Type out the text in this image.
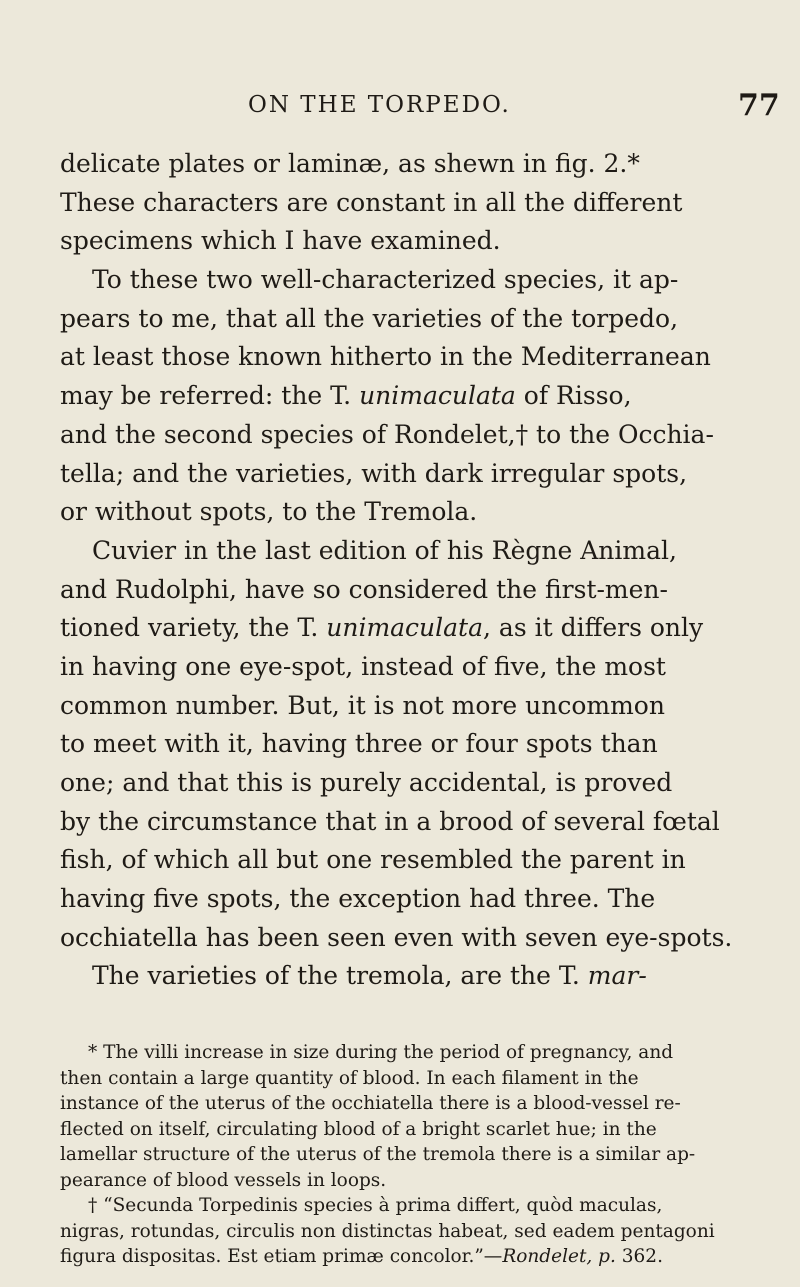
ON THE TORPEDO.	77
delicate plates or laminæ, as shewn in fig. 2.*
These characters are constant in all the different
specimens which I have examined.
To these two well-characterized species, it ap-
pears to me, that all the varieties of the torpedo,
at least those known hitherto in the Mediterranean
may be referred: the T. unimaculata of Risso,
and the second species of Rondelet,† to the Occhia-
tella; and the varieties, with dark irregular spots,
or without spots, to the Tremola.
Cuvier in the last edition of his Règne Animal,
and Rudolphi, have so considered the first-men-
tioned variety, the T. unimaculata, as it differs only
in having one eye-spot, instead of five, the most
common number. But, it is not more uncommon
to meet with it, having three or four spots than
one; and that this is purely accidental, is proved
by the circumstance that in a brood of several fœtal
fish, of which all but one resembled the parent in
having five spots, the exception had three. The
occhiatella has been seen even with seven eye-spots.
The varieties of the tremola, are the T. mar-
* The villi increase in size during the period of pregnancy, and
then contain a large quantity of blood. In each filament in the
instance of the uterus of the occhiatella there is a blood-vessel re-
flected on itself, circulating blood of a bright scarlet hue; in the
lamellar structure of the uterus of the tremola there is a similar ap-
pearance of blood vessels in loops.
† “Secunda Torpedinis species à prima differt, quòd maculas,
nigras, rotundas, circulis non distinctas habeat, sed eadem pentagoni
figura dispositas. Est etiam primæ concolor.”—Rondelet, p. 362.
